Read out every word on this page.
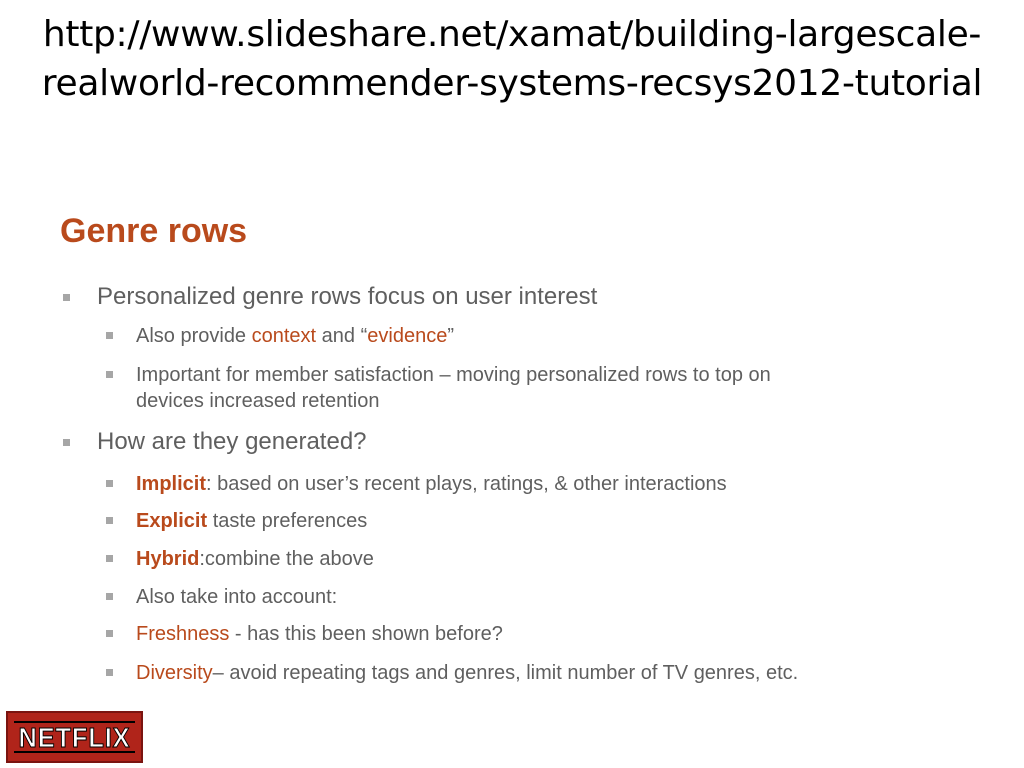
http://www.slideshare.net/xamat/building-largescale-
realworld-recommender-systems-recsys2012-tutorial
Genre rows
Personalized genre rows focus on user interest
Also provide context and “evidence”
Important for member satisfaction – moving personalized rows to top on
devices increased retention
How are they generated?
Implicit: based on user’s recent plays, ratings, & other interactions
Explicit taste preferences
Hybrid:combine the above
Also take into account:
Freshness - has this been shown before?
Diversity– avoid repeating tags and genres, limit number of TV genres, etc.
NETFLIX
